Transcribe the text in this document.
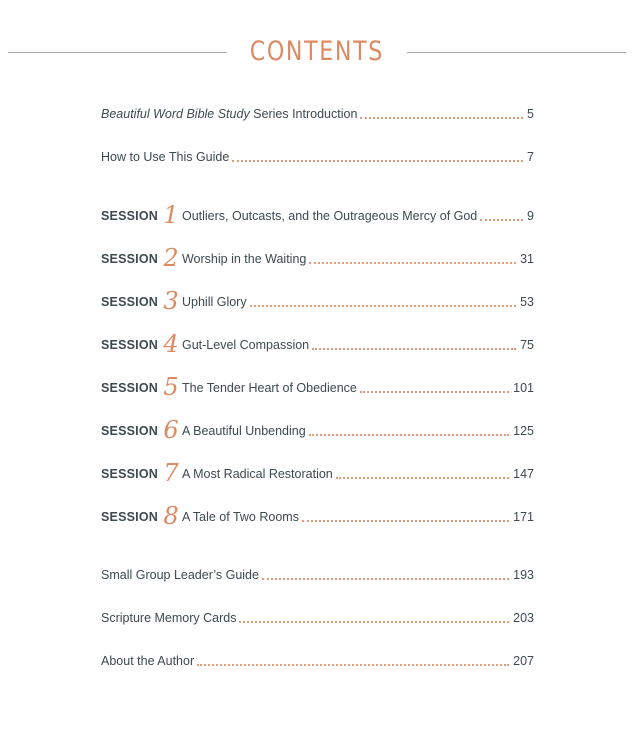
CONTENTS
Beautiful Word Bible Study Series Introduction	5
How to Use This Guide	7
SESSION 1 Outliers, Outcasts, and the Outrageous Mercy of God	9
SESSION 2 Worship in the Waiting	31
SESSION 3 Uphill Glory	53
SESSION 4 Gut-Level Compassion	75
SESSION 5 The Tender Heart of Obedience	101
SESSION 6 A Beautiful Unbending	125
SESSION 7 A Most Radical Restoration	147
SESSION 8 A Tale of Two Rooms	171
Small Group Leader’s Guide	193
Scripture Memory Cards	203
About the Author	207
